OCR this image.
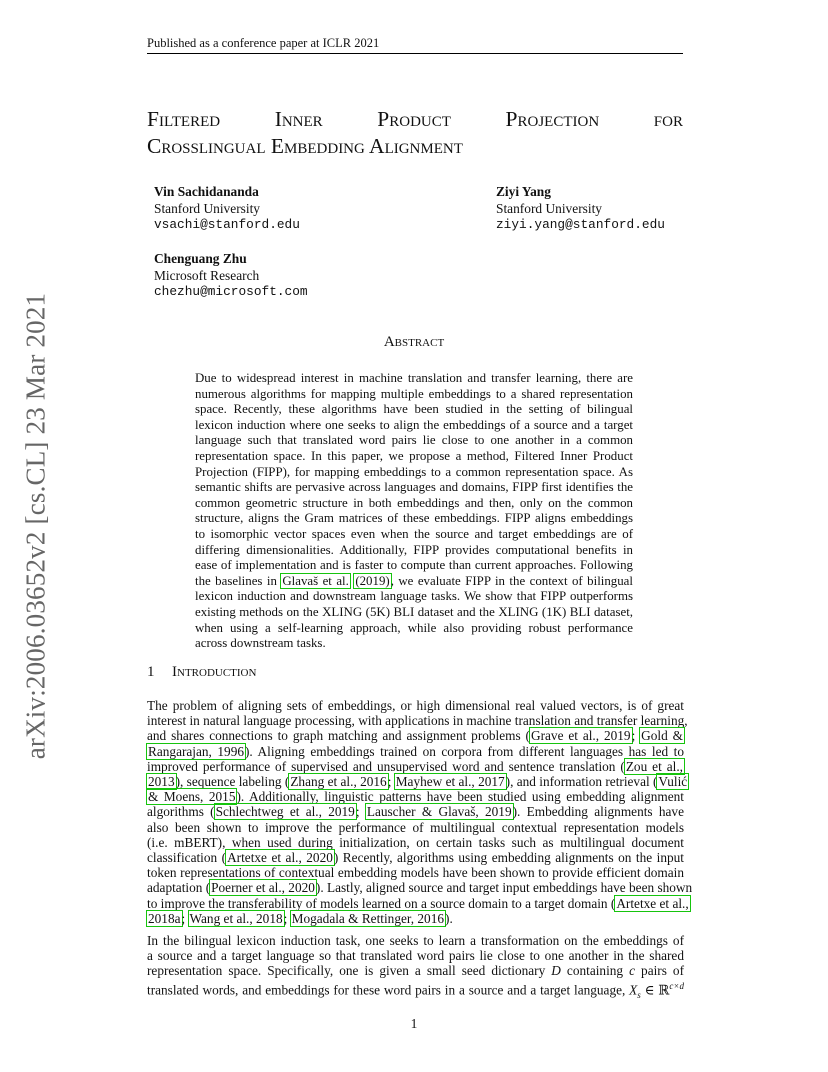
Published as a conference paper at ICLR 2021
arXiv:2006.03652v2 [cs.CL] 23 Mar 2021
Filtered	Inner	Product	Projection	for
Crosslingual Embedding Alignment
Vin Sachidananda
Stanford University
vsachi@stanford.edu
Ziyi Yang
Stanford University
ziyi.yang@stanford.edu
Chenguang Zhu
Microsoft Research
chezhu@microsoft.com
Abstract
Due to widespread interest in machine translation and transfer learning, there are
numerous algorithms for mapping multiple embeddings to a shared representation
space. Recently, these algorithms have been studied in the setting of bilingual
lexicon induction where one seeks to align the embeddings of a source and a target
language such that translated word pairs lie close to one another in a common
representation space. In this paper, we propose a method, Filtered Inner Product
Projection (FIPP), for mapping embeddings to a common representation space. As
semantic shifts are pervasive across languages and domains, FIPP first identifies the
common geometric structure in both embeddings and then, only on the common
structure, aligns the Gram matrices of these embeddings. FIPP aligns embeddings
to isomorphic vector spaces even when the source and target embeddings are of
differing dimensionalities. Additionally, FIPP provides computational benefits in
ease of implementation and is faster to compute than current approaches. Following
the baselines in Glavaš et al. (2019), we evaluate FIPP in the context of bilingual
lexicon induction and downstream language tasks. We show that FIPP outperforms
existing methods on the XLING (5K) BLI dataset and the XLING (1K) BLI dataset,
when using a self-learning approach, while also providing robust performance
across downstream tasks.
1 Introduction
The problem of aligning sets of embeddings, or high dimensional real valued vectors, is of great
interest in natural language processing, with applications in machine translation and transfer learning,
and shares connections to graph matching and assignment problems (Grave et al., 2019; Gold &
Rangarajan, 1996). Aligning embeddings trained on corpora from different languages has led to
improved performance of supervised and unsupervised word and sentence translation (Zou et al.,
2013), sequence labeling (Zhang et al., 2016; Mayhew et al., 2017), and information retrieval (Vulić
& Moens, 2015). Additionally, linguistic patterns have been studied using embedding alignment
algorithms (Schlechtweg et al., 2019; Lauscher & Glavaš, 2019). Embedding alignments have
also been shown to improve the performance of multilingual contextual representation models
(i.e. mBERT), when used during initialization, on certain tasks such as multilingual document
classification (Artetxe et al., 2020) Recently, algorithms using embedding alignments on the input
token representations of contextual embedding models have been shown to provide efficient domain
adaptation (Poerner et al., 2020). Lastly, aligned source and target input embeddings have been shown
to improve the transferability of models learned on a source domain to a target domain (Artetxe et al.,
2018a; Wang et al., 2018; Mogadala & Rettinger, 2016).
In the bilingual lexicon induction task, one seeks to learn a transformation on the embeddings of
a source and a target language so that translated word pairs lie close to one another in the shared
representation space. Specifically, one is given a small seed dictionary D containing c pairs of
translated words, and embeddings for these word pairs in a source and a target language, $X_s$ ∈ ℝ$^{c\times d}$
1
